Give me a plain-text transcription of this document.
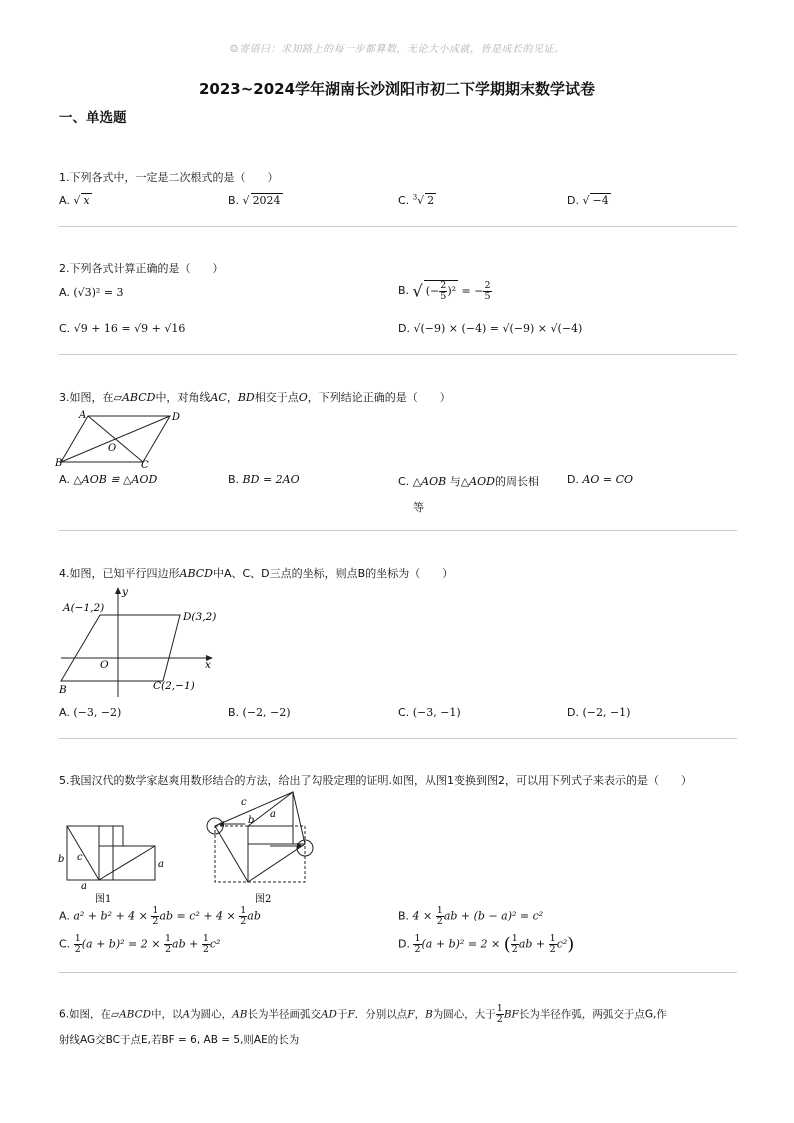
☺寄语曰：求知路上的每一步都算数，无论大小成就，皆是成长的见证。
2023~2024学年湖南长沙浏阳市初二下学期期末数学试卷
一、单选题
1.下列各式中，一定是二次根式的是（　　）
A. √ x	B. √ 2024	C. $^3$√ 2	D. √ −4
2.下列各式计算正确的是（　　）
A. (√3)² = 3	B. √ (− $\frac{2}{5} )^2$ = − $\frac{2}{5}$
C. √9 + 16 = √9 + √16	D. √(−9) × (−4) = √(−9) × √(−4)
3.如图，在▱ABCD中，对角线AC，BD相交于点O，下列结论正确的是（　　）
A	D
B	C
O
A. △AOB ≌ △AOD	B. BD = 2AO	C. △AOB 与△AOD的周长相
等
D. AO = CO
4.如图，已知平行四边形ABCD中A、C、D三点的坐标，则点B的坐标为（　　）
A(−1,2)
D(3,2)
C(2,−1)
B
O	x
y
A. (−3, −2)	B. (−2, −2)	C. (−3, −1)	D. (−2, −1)
5.我国汉代的数学家赵爽用数形结合的方法，给出了勾股定理的证明.如图，从图1变换到图2，可以用下列式子来表示的是（　　）
b c
a
a
图1
c
b
a
图2
A. $a^2 + b^2 + 4 \times \frac{1}{2}$ ab = $c^2 + 4 \times \frac{1}{2}$ ab	B. $4 \times \frac{1}{2}$ ab + (b − a)² = c²
C. $\frac{1}{2} (a + b)^2 = 2 \times \frac{1}{2}$ ab + $\frac{1}{2} c^2$	D. $\frac{1}{2} (a + b)^2 = 2$ × ( $\frac{1}{2}$ ab + $\frac{1}{2} c^2$)
6.如图，在▱ABCD中，以A为圆心，AB长为半径画弧交AD于F．分别以点F，B为圆心，大于 $\frac{1}{2}$ BF长为半径作弧，两弧交于点G,作
射线AG交BC于点E,若BF = 6, AB = 5,则AE的长为
